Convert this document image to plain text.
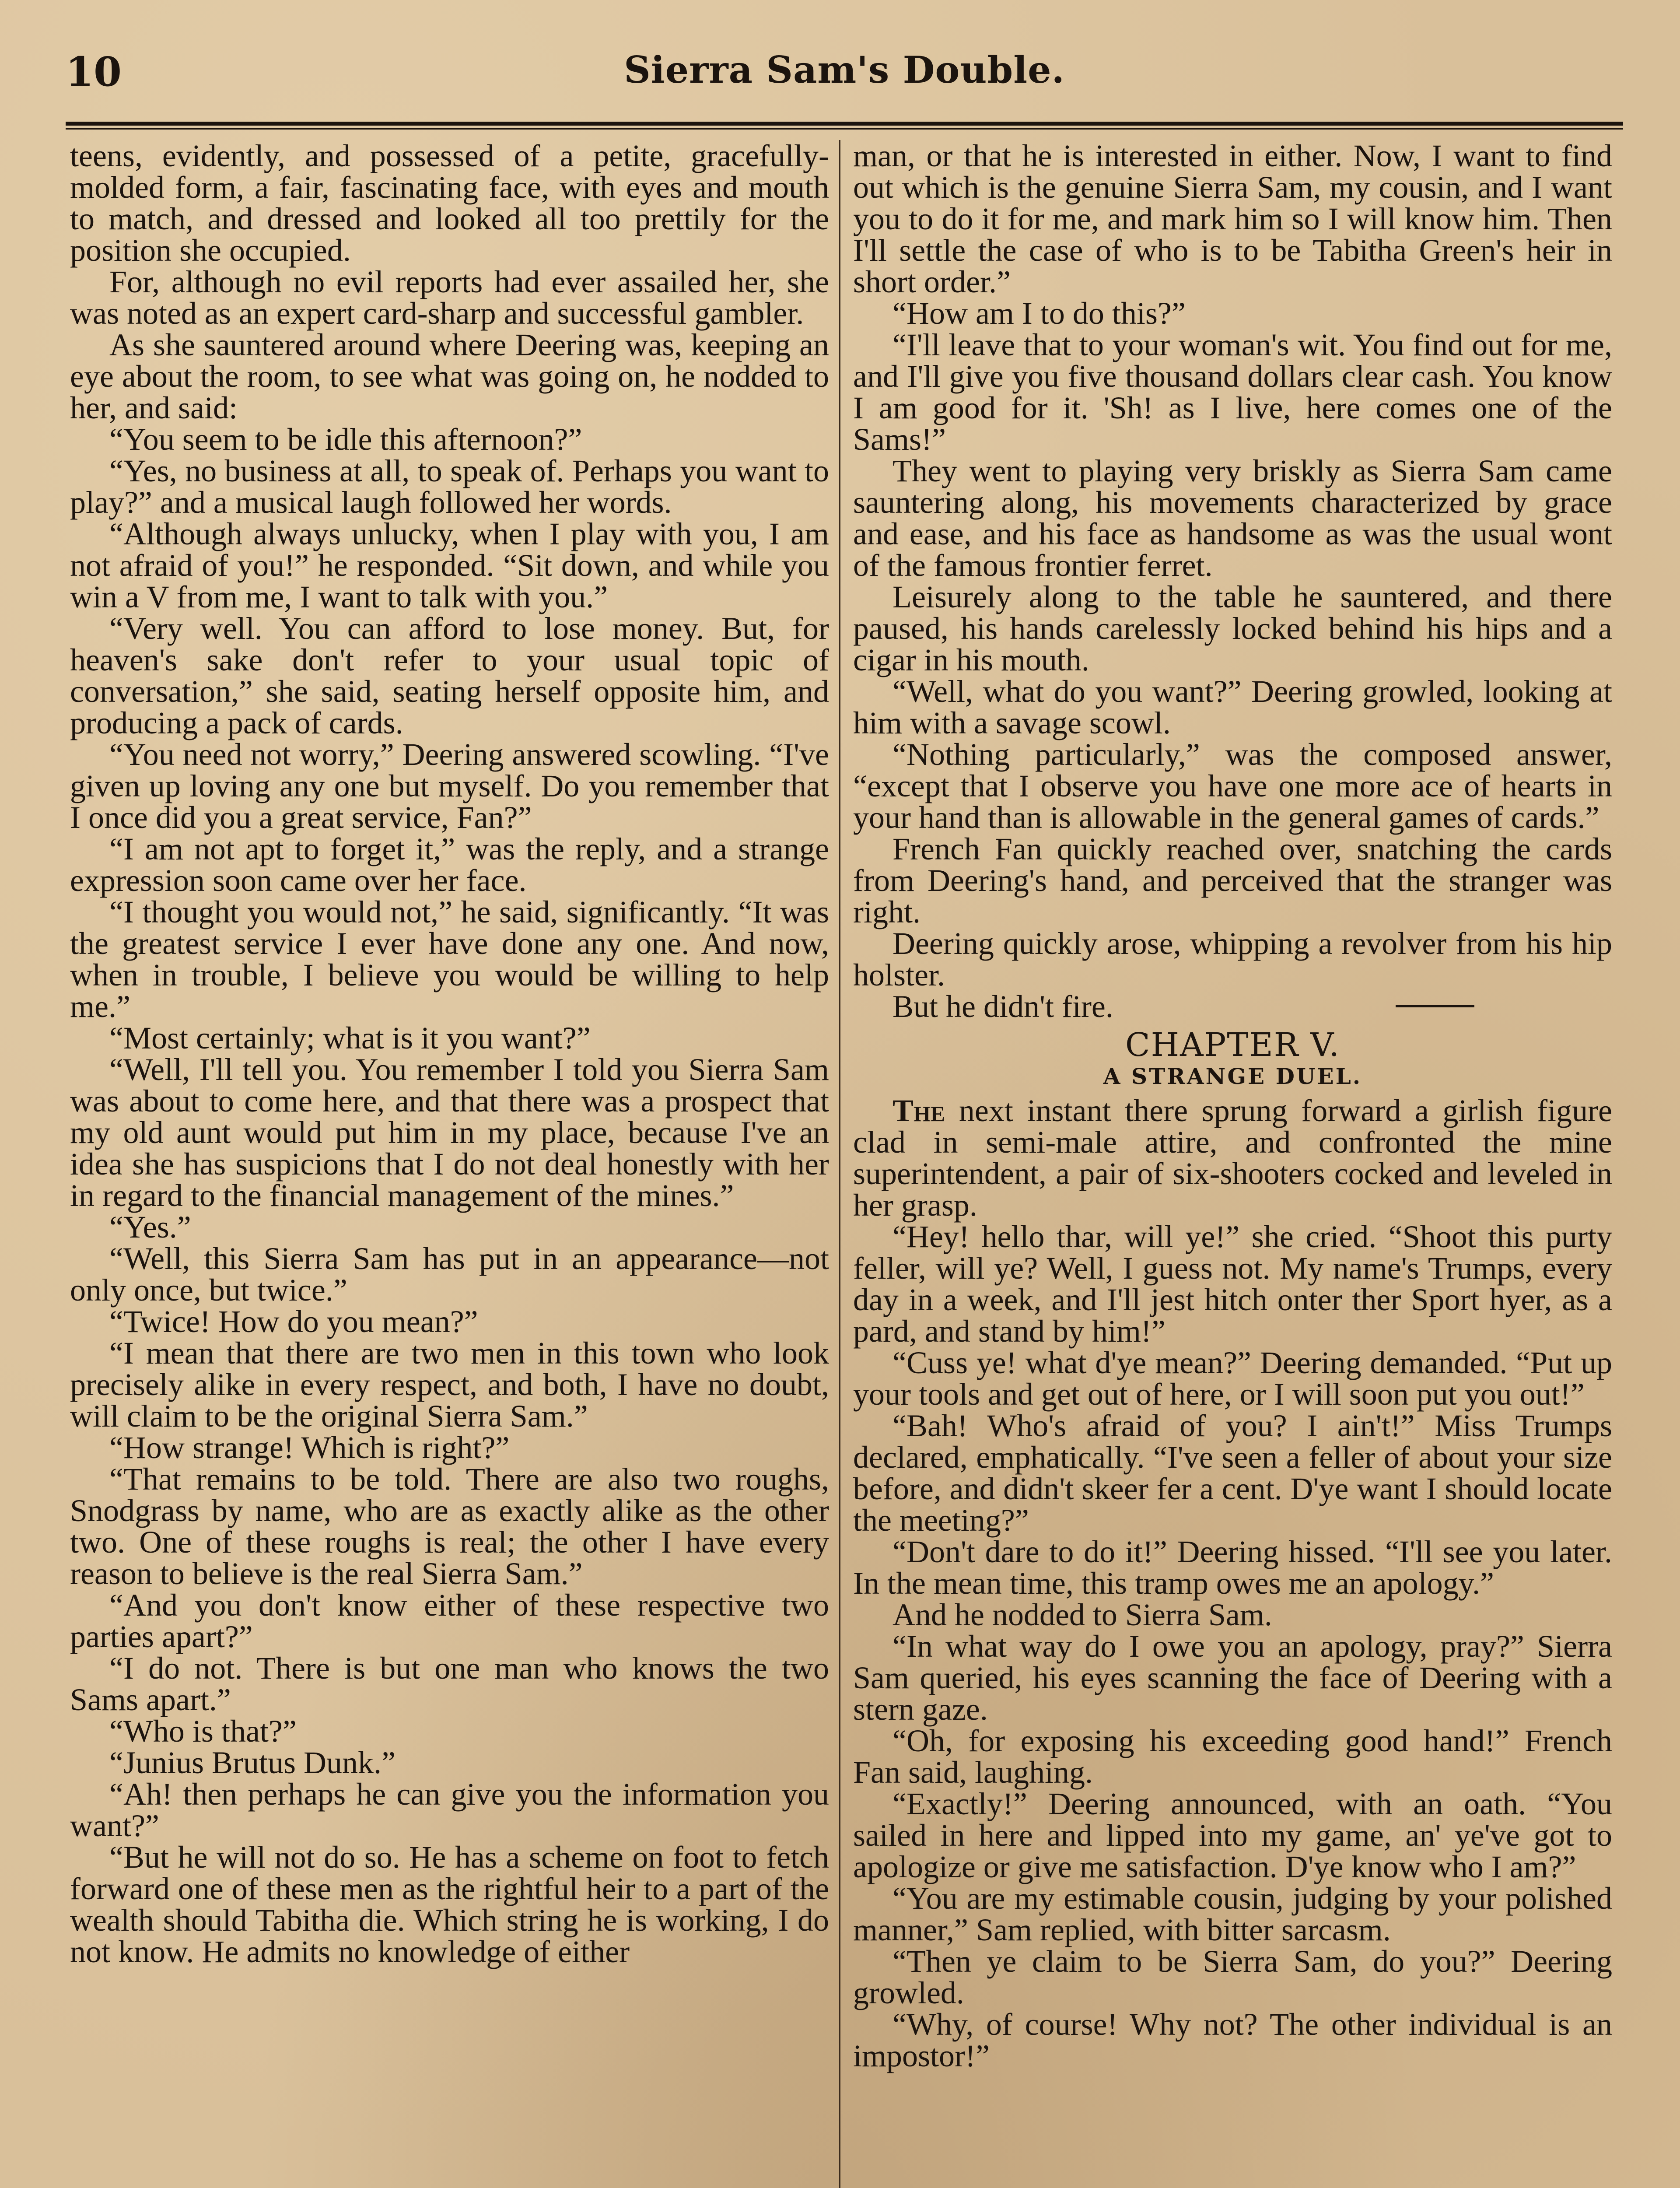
10	Sierra Sam's Double.

teens, evidently, and possessed of a petite, gracefully-molded form, a fair, fascinating face, with eyes and mouth to match, and dressed and looked all too prettily for the position she occupied.

For, although no evil reports had ever assailed her, she was noted as an expert card-sharp and successful gambler.

As she sauntered around where Deering was, keeping an eye about the room, to see what was going on, he nodded to her, and said:

“You seem to be idle this afternoon?”

“Yes, no business at all, to speak of. Perhaps you want to play?” and a musical laugh followed her words.

“Although always unlucky, when I play with you, I am not afraid of you!” he responded. “Sit down, and while you win a V from me, I want to talk with you.”

“Very well. You can afford to lose money. But, for heaven's sake don't refer to your usual topic of conversation,” she said, seating herself opposite him, and producing a pack of cards.

“You need not worry,” Deering answered scowling. “I've given up loving any one but myself. Do you remember that I once did you a great service, Fan?”

“I am not apt to forget it,” was the reply, and a strange expression soon came over her face.

“I thought you would not,” he said, significantly. “It was the greatest service I ever have done any one. And now, when in trouble, I believe you would be willing to help me.”

“Most certainly; what is it you want?”

“Well, I'll tell you. You remember I told you Sierra Sam was about to come here, and that there was a prospect that my old aunt would put him in my place, because I've an idea she has suspicions that I do not deal honestly with her in regard to the financial management of the mines.”

“Yes.”

“Well, this Sierra Sam has put in an appearance—not only once, but twice.”

“Twice! How do you mean?”

“I mean that there are two men in this town who look precisely alike in every respect, and both, I have no doubt, will claim to be the original Sierra Sam.”

“How strange! Which is right?”

“That remains to be told. There are also two roughs, Snodgrass by name, who are as exactly alike as the other two. One of these roughs is real; the other I have every reason to believe is the real Sierra Sam.”

“And you don't know either of these respective two parties apart?”

“I do not. There is but one man who knows the two Sams apart.”

“Who is that?”

“Junius Brutus Dunk.”

“Ah! then perhaps he can give you the information you want?”

“But he will not do so. He has a scheme on foot to fetch forward one of these men as the rightful heir to a part of the wealth should Tabitha die. Which string he is working, I do not know. He admits no knowledge of either

man, or that he is interested in either. Now, I want to find out which is the genuine Sierra Sam, my cousin, and I want you to do it for me, and mark him so I will know him. Then I'll settle the case of who is to be Tabitha Green's heir in short order.”

“How am I to do this?”

“I'll leave that to your woman's wit. You find out for me, and I'll give you five thousand dollars clear cash. You know I am good for it. 'Sh! as I live, here comes one of the Sams!”

They went to playing very briskly as Sierra Sam came sauntering along, his movements characterized by grace and ease, and his face as handsome as was the usual wont of the famous frontier ferret.

Leisurely along to the table he sauntered, and there paused, his hands carelessly locked behind his hips and a cigar in his mouth.

“Well, what do you want?” Deering growled, looking at him with a savage scowl.

“Nothing particularly,” was the composed answer, “except that I observe you have one more ace of hearts in your hand than is allowable in the general games of cards.”

French Fan quickly reached over, snatching the cards from Deering's hand, and perceived that the stranger was right.

Deering quickly arose, whipping a revolver from his hip holster.

But he didn't fire.

CHAPTER V.
A STRANGE DUEL.

The next instant there sprung forward a girlish figure clad in semi-male attire, and confronted the mine superintendent, a pair of six-shooters cocked and leveled in her grasp.

“Hey! hello thar, will ye!” she cried. “Shoot this purty feller, will ye? Well, I guess not. My name's Trumps, every day in a week, and I'll jest hitch onter ther Sport hyer, as a pard, and stand by him!”

“Cuss ye! what d'ye mean?” Deering demanded. “Put up your tools and get out of here, or I will soon put you out!”

“Bah! Who's afraid of you? I ain't!” Miss Trumps declared, emphatically. “I've seen a feller of about your size before, and didn't skeer fer a cent. D'ye want I should locate the meeting?”

“Don't dare to do it!” Deering hissed. “I'll see you later. In the mean time, this tramp owes me an apology.”

And he nodded to Sierra Sam.

“In what way do I owe you an apology, pray?” Sierra Sam queried, his eyes scanning the face of Deering with a stern gaze.

“Oh, for exposing his exceeding good hand!” French Fan said, laughing.

“Exactly!” Deering announced, with an oath. “You sailed in here and lipped into my game, an' ye've got to apologize or give me satisfaction. D'ye know who I am?”

“You are my estimable cousin, judging by your polished manner,” Sam replied, with bitter sarcasm.

“Then ye claim to be Sierra Sam, do you?” Deering growled.

“Why, of course! Why not? The other individual is an impostor!”
